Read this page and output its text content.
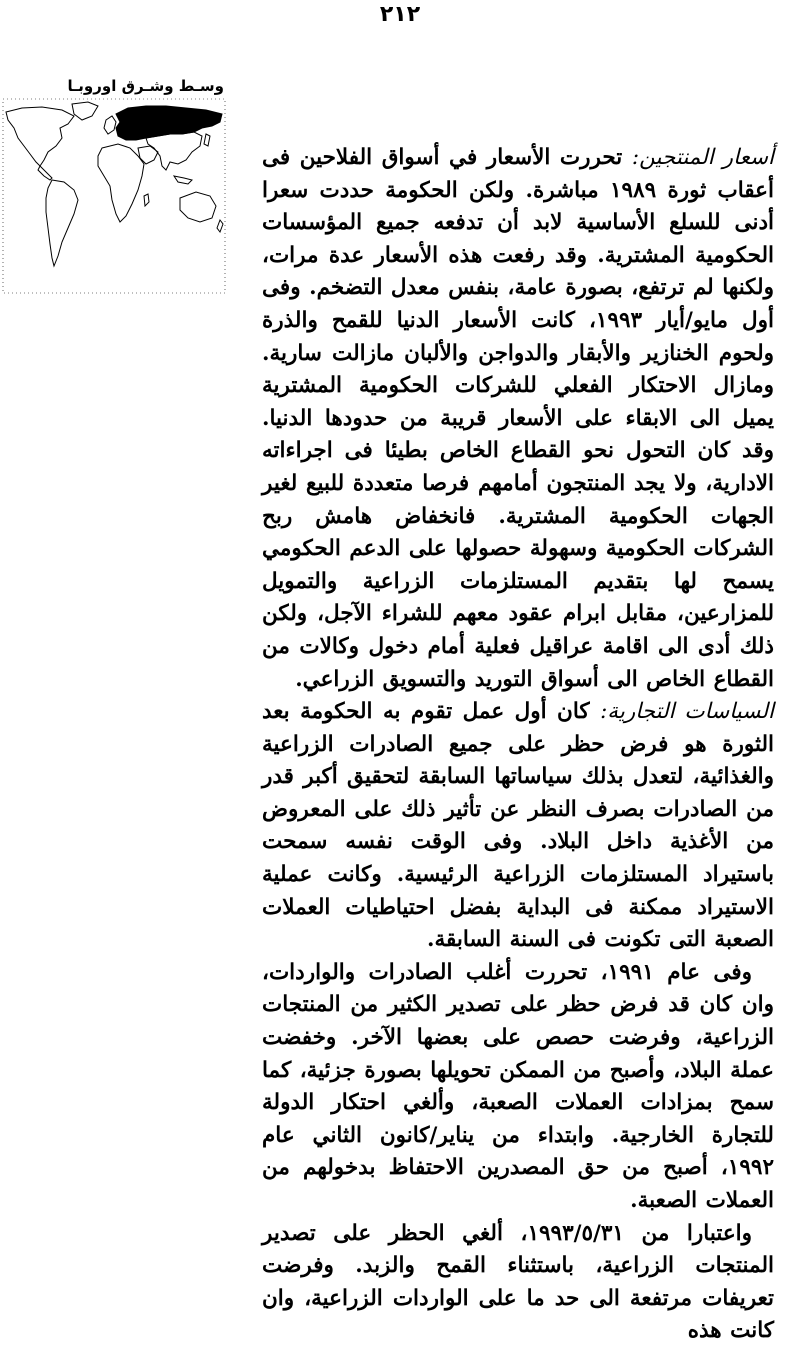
٢١٢
وسـط وشـرق اوروبـا

أسعار المنتجين: تحررت الأسعار في أسواق الفلاحين فى أعقاب ثورة ١٩٨٩ مباشرة. ولكن الحكومة حددت سعرا أدنى للسلع الأساسية لابد أن تدفعه جميع المؤسسات الحكومية المشترية. وقد رفعت هذه الأسعار عدة مرات، ولكنها لم ترتفع، بصورة عامة، بنفس معدل التضخم. وفى أول مايو/أيار ١٩٩٣، كانت الأسعار الدنيا للقمح والذرة ولحوم الخنازير والأبقار والدواجن والألبان مازالت سارية. ومازال الاحتكار الفعلي للشركات الحكومية المشترية يميل الى الابقاء على الأسعار قريبة من حدودها الدنيا. وقد كان التحول نحو القطاع الخاص بطيئا فى اجراءاته الادارية، ولا يجد المنتجون أمامهم فرصا متعددة للبيع لغير الجهات الحكومية المشترية. فانخفاض هامش ربح الشركات الحكومية وسهولة حصولها على الدعم الحكومي يسمح لها بتقديم المستلزمات الزراعية والتمويل للمزارعين، مقابل ابرام عقود معهم للشراء الآجل، ولكن ذلك أدى الى اقامة عراقيل فعلية أمام دخول وكالات من القطاع الخاص الى أسواق التوريد والتسويق الزراعي.

السياسات التجارية: كان أول عمل تقوم به الحكومة بعد الثورة هو فرض حظر على جميع الصادرات الزراعية والغذائية، لتعدل بذلك سياساتها السابقة لتحقيق أكبر قدر من الصادرات بصرف النظر عن تأثير ذلك على المعروض من الأغذية داخل البلاد. وفى الوقت نفسه سمحت باستيراد المستلزمات الزراعية الرئيسية. وكانت عملية الاستيراد ممكنة فى البداية بفضل احتياطيات العملات الصعبة التى تكونت فى السنة السابقة.

وفى عام ١٩٩١، تحررت أغلب الصادرات والواردات، وان كان قد فرض حظر على تصدير الكثير من المنتجات الزراعية، وفرضت حصص على بعضها الآخر. وخفضت عملة البلاد، وأصبح من الممكن تحويلها بصورة جزئية، كما سمح بمزادات العملات الصعبة، وألغي احتكار الدولة للتجارة الخارجية. وابتداء من يناير/كانون الثاني عام ١٩٩٢، أصبح من حق المصدرين الاحتفاظ بدخولهم من العملات الصعبة.

واعتبارا من ١٩٩٣/٥/٣١، ألغي الحظر على تصدير المنتجات الزراعية، باستثناء القمح والزبد. وفرضت تعريفات مرتفعة الى حد ما على الواردات الزراعية، وان كانت هذه
